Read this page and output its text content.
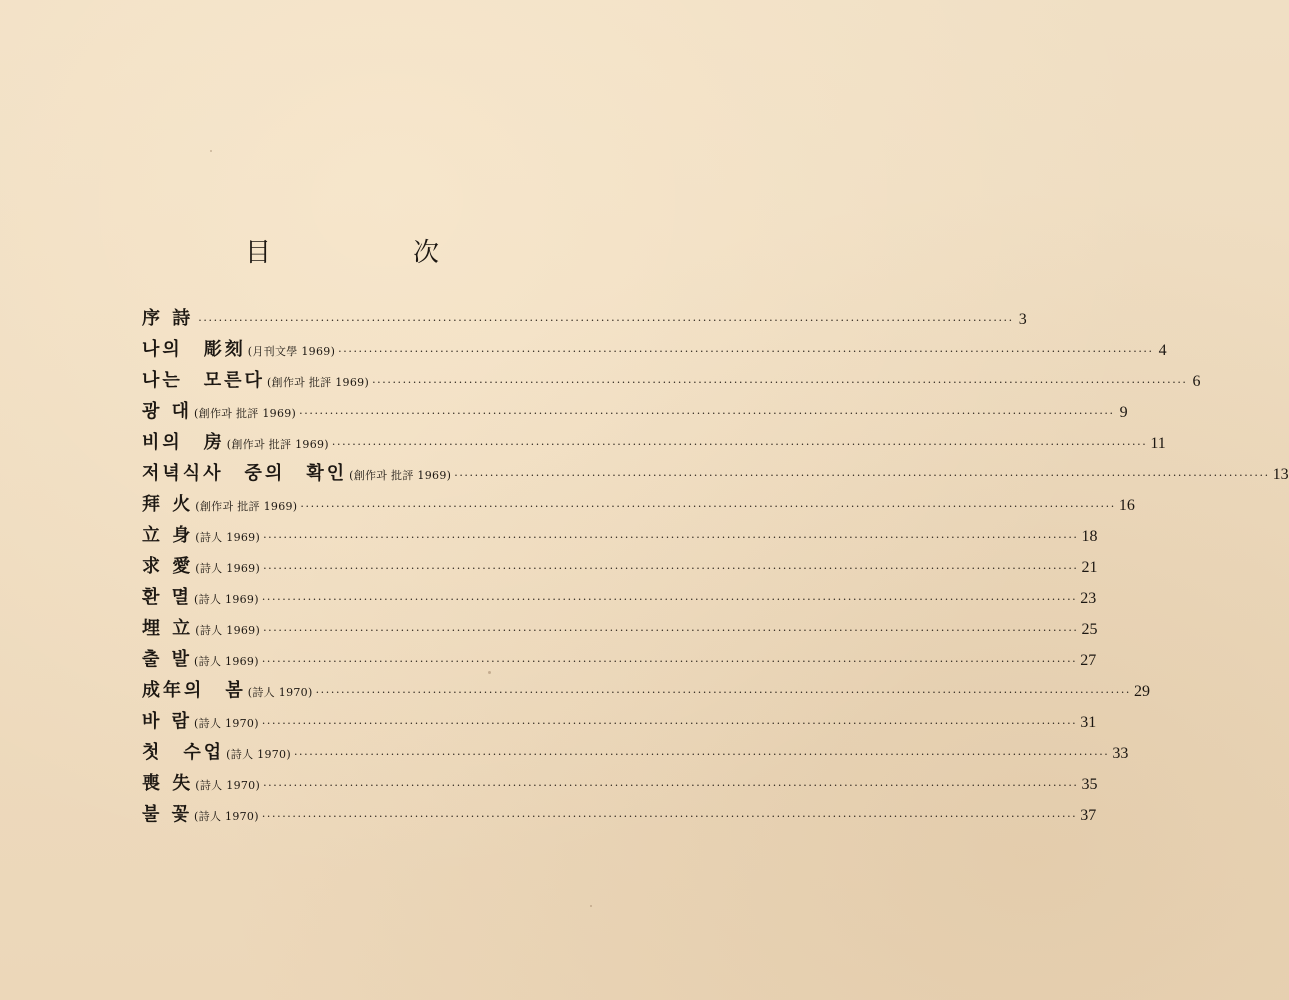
目　次
序 詩 ································································································································································ 3
나의　彫刻 (月刊文學 1969) ································································································································································ 4
나는　모른다 (創作과 批評 1969) ································································································································································ 6
광 대 (創作과 批評 1969) ································································································································································ 9
비의　房 (創作과 批評 1969) ································································································································································ 11
저녁식사　중의　확인 (創作과 批評 1969) ································································································································································ 13
拜 火 (創作과 批評 1969) ································································································································································ 16
立 身 (詩人 1969) ································································································································································ 18
求 愛 (詩人 1969) ································································································································································ 21
환 멸 (詩人 1969) ································································································································································ 23
埋 立 (詩人 1969) ································································································································································ 25
출 발 (詩人 1969) ································································································································································ 27
成年의　봄 (詩人 1970) ································································································································································ 29
바 람 (詩人 1970) ································································································································································ 31
첫　수업 (詩人 1970) ································································································································································ 33
喪 失 (詩人 1970) ································································································································································ 35
불 꽃 (詩人 1970) ································································································································································ 37
